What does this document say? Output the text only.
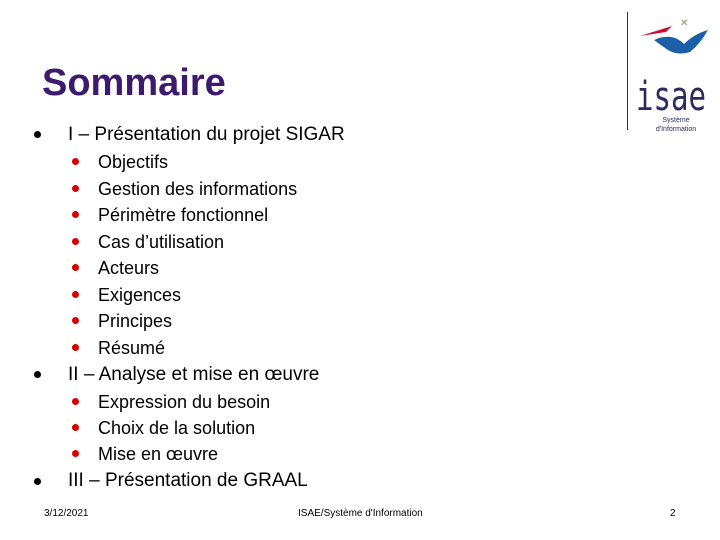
Sommaire
✕
isae
Système
d'Information
I – Présentation du projet SIGAR
Objectifs
Gestion des informations
Périmètre fonctionnel
Cas d’utilisation
Acteurs
Exigences
Principes
Résumé
II – Analyse et mise en œuvre
Expression du besoin
Choix de la solution
Mise en œuvre
III – Présentation de GRAAL
3/12/2021	ISAE/Système d'Information	2
